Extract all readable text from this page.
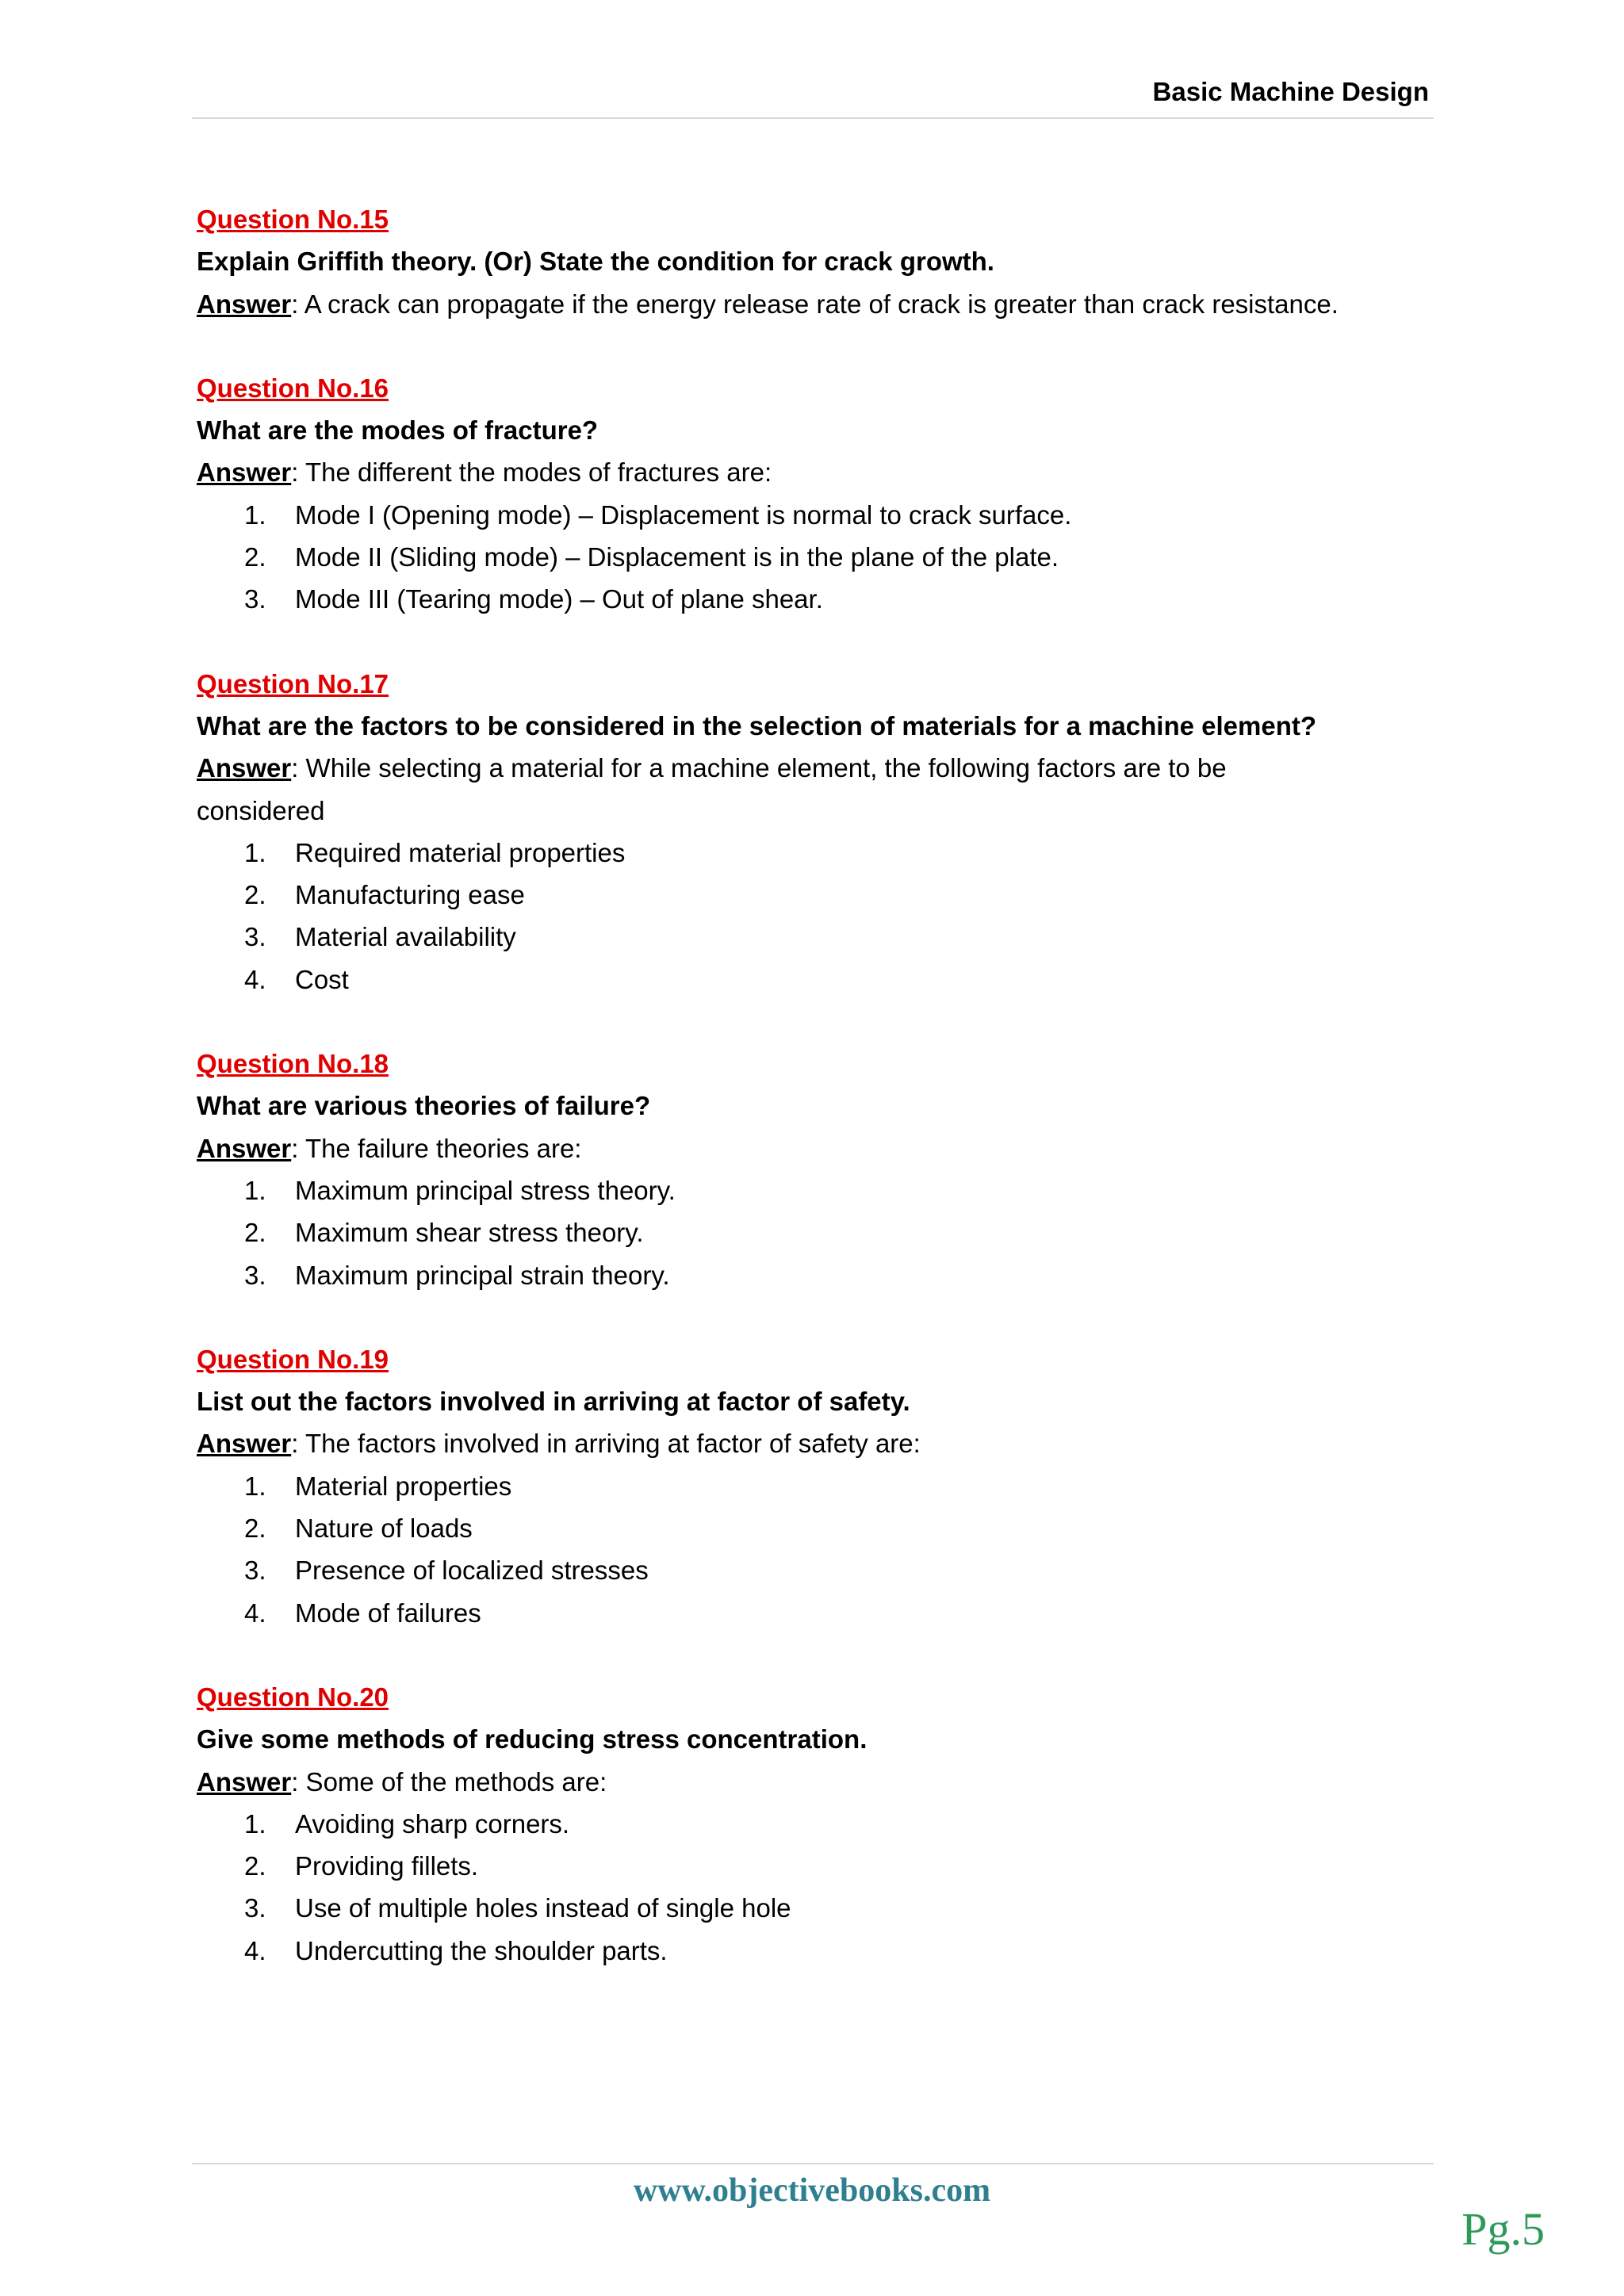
Basic Machine Design
Question No.15
Explain Griffith theory. (Or) State the condition for crack growth.
Answer: A crack can propagate if the energy release rate of crack is greater than crack resistance.
Question No.16
What are the modes of fracture?
Answer: The different the modes of fractures are:
1.	Mode I (Opening mode) – Displacement is normal to crack surface.
2.	Mode II (Sliding mode) – Displacement is in the plane of the plate.
3.	Mode III (Tearing mode) – Out of plane shear.
Question No.17
What are the factors to be considered in the selection of materials for a machine element?
Answer: While selecting a material for a machine element, the following factors are to be considered
1.	Required material properties
2.	Manufacturing ease
3.	Material availability
4.	Cost
Question No.18
What are various theories of failure?
Answer: The failure theories are:
1.	Maximum principal stress theory.
2.	Maximum shear stress theory.
3.	Maximum principal strain theory.
Question No.19
List out the factors involved in arriving at factor of safety.
Answer: The factors involved in arriving at factor of safety are:
1.	Material properties
2.	Nature of loads
3.	Presence of localized stresses
4.	Mode of failures
Question No.20
Give some methods of reducing stress concentration.
Answer: Some of the methods are:
1.	Avoiding sharp corners.
2.	Providing fillets.
3.	Use of multiple holes instead of single hole
4.	Undercutting the shoulder parts.
www.objectivebooks.com
Pg.5
